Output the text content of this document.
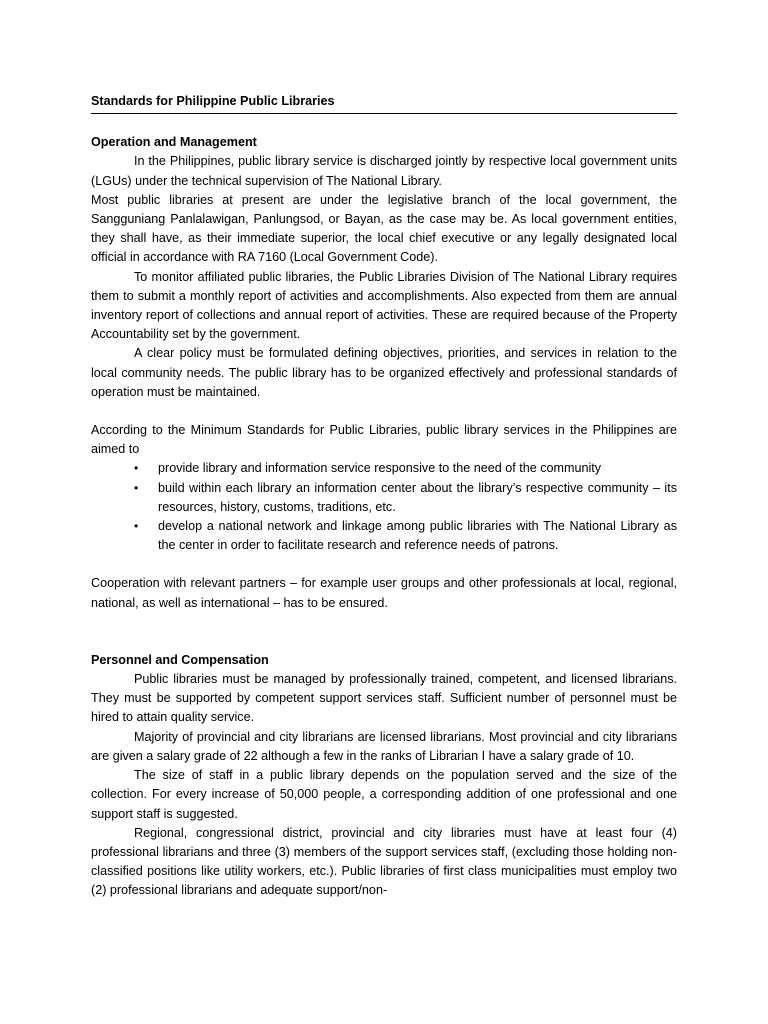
Standards for Philippine Public Libraries

Operation and Management

In the Philippines, public library service is discharged jointly by respective local government units (LGUs) under the technical supervision of The National Library.

Most public libraries at present are under the legislative branch of the local government, the Sangguniang Panlalawigan, Panlungsod, or Bayan, as the case may be. As local government entities, they shall have, as their immediate superior, the local chief executive or any legally designated local official in accordance with RA 7160 (Local Government Code).

To monitor affiliated public libraries, the Public Libraries Division of The National Library requires them to submit a monthly report of activities and accomplishments. Also expected from them are annual inventory report of collections and annual report of activities. These are required because of the Property Accountability set by the government.

A clear policy must be formulated defining objectives, priorities, and services in relation to the local community needs. The public library has to be organized effectively and professional standards of operation must be maintained.

According to the Minimum Standards for Public Libraries, public library services in the Philippines are aimed to

• provide library and information service responsive to the need of the community
• build within each library an information center about the library’s respective community – its resources, history, customs, traditions, etc.
• develop a national network and linkage among public libraries with The National Library as the center in order to facilitate research and reference needs of patrons.

Cooperation with relevant partners – for example user groups and other professionals at local, regional, national, as well as international – has to be ensured.

Personnel and Compensation

Public libraries must be managed by professionally trained, competent, and licensed librarians. They must be supported by competent support services staff. Sufficient number of personnel must be hired to attain quality service.

Majority of provincial and city librarians are licensed librarians. Most provincial and city librarians are given a salary grade of 22 although a few in the ranks of Librarian I have a salary grade of 10.

The size of staff in a public library depends on the population served and the size of the collection. For every increase of 50,000 people, a corresponding addition of one professional and one support staff is suggested.

Regional, congressional district, provincial and city libraries must have at least four (4) professional librarians and three (3) members of the support services staff, (excluding those holding non-classified positions like utility workers, etc.). Public libraries of first class municipalities must employ two (2) professional librarians and adequate support/non-
